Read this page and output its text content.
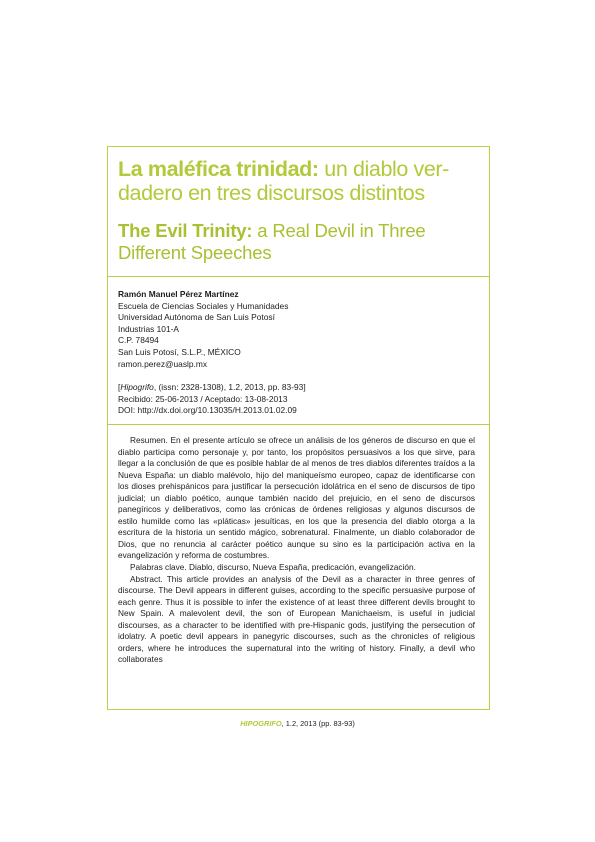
La maléfica trinidad: un diablo ver-
dadero en tres discursos distintos
The Evil Trinity: a Real Devil in Three
Different Speeches
Ramón Manuel Pérez Martínez
Escuela de Ciencias Sociales y Humanidades
Universidad Autónoma de San Luis Potosí
Industrias 101-A
C.P. 78494
San Luis Potosí, S.L.P., MÉXICO
ramon.perez@uaslp.mx
[Hipogrifo, (issn: 2328-1308), 1.2, 2013, pp. 83-93]
Recibido: 25-06-2013 / Aceptado: 13-08-2013
DOI: http://dx.doi.org/10.13035/H.2013.01.02.09

Resumen. En el presente artículo se ofrece un análisis de los géneros de discurso en que el diablo participa como personaje y, por tanto, los propósitos persuasivos a los que sirve, para llegar a la conclusión de que es posible hablar de al menos de tres diablos diferentes traídos a la Nueva España: un diablo malévolo, hijo del maniqueísmo europeo, capaz de identificarse con los dioses prehispánicos para justificar la persecución idolátrica en el seno de discursos de tipo judicial; un diablo poético, aunque también nacido del prejuicio, en el seno de discursos panegíricos y deliberativos, como las crónicas de órdenes religiosas y algunos discursos de estilo humilde como las «pláticas» jesuíticas, en los que la presencia del diablo otorga a la escritura de la historia un sentido mágico, sobrenatural. Finalmente, un diablo colaborador de Dios, que no renuncia al carácter poético aunque su sino es la participación activa en la evangelización y reforma de costumbres.

Palabras clave. Diablo, discurso, Nueva España, predicación, evangelización.

Abstract. This article provides an analysis of the Devil as a character in three genres of discourse. The Devil appears in different guises, according to the specific persuasive purpose of each genre. Thus it is possible to infer the existence of at least three different devils brought to New Spain. A malevolent devil, the son of European Manichaeism, is useful in judicial discourses, as a character to be identified with pre-Hispanic gods, justifying the persecution of idolatry. A poetic devil appears in panegyric discourses, such as the chronicles of religious orders, where he introduces the supernatural into the writing of history. Finally, a devil who collaborates

HIPOGRIFO, 1.2, 2013 (pp. 83-93)
